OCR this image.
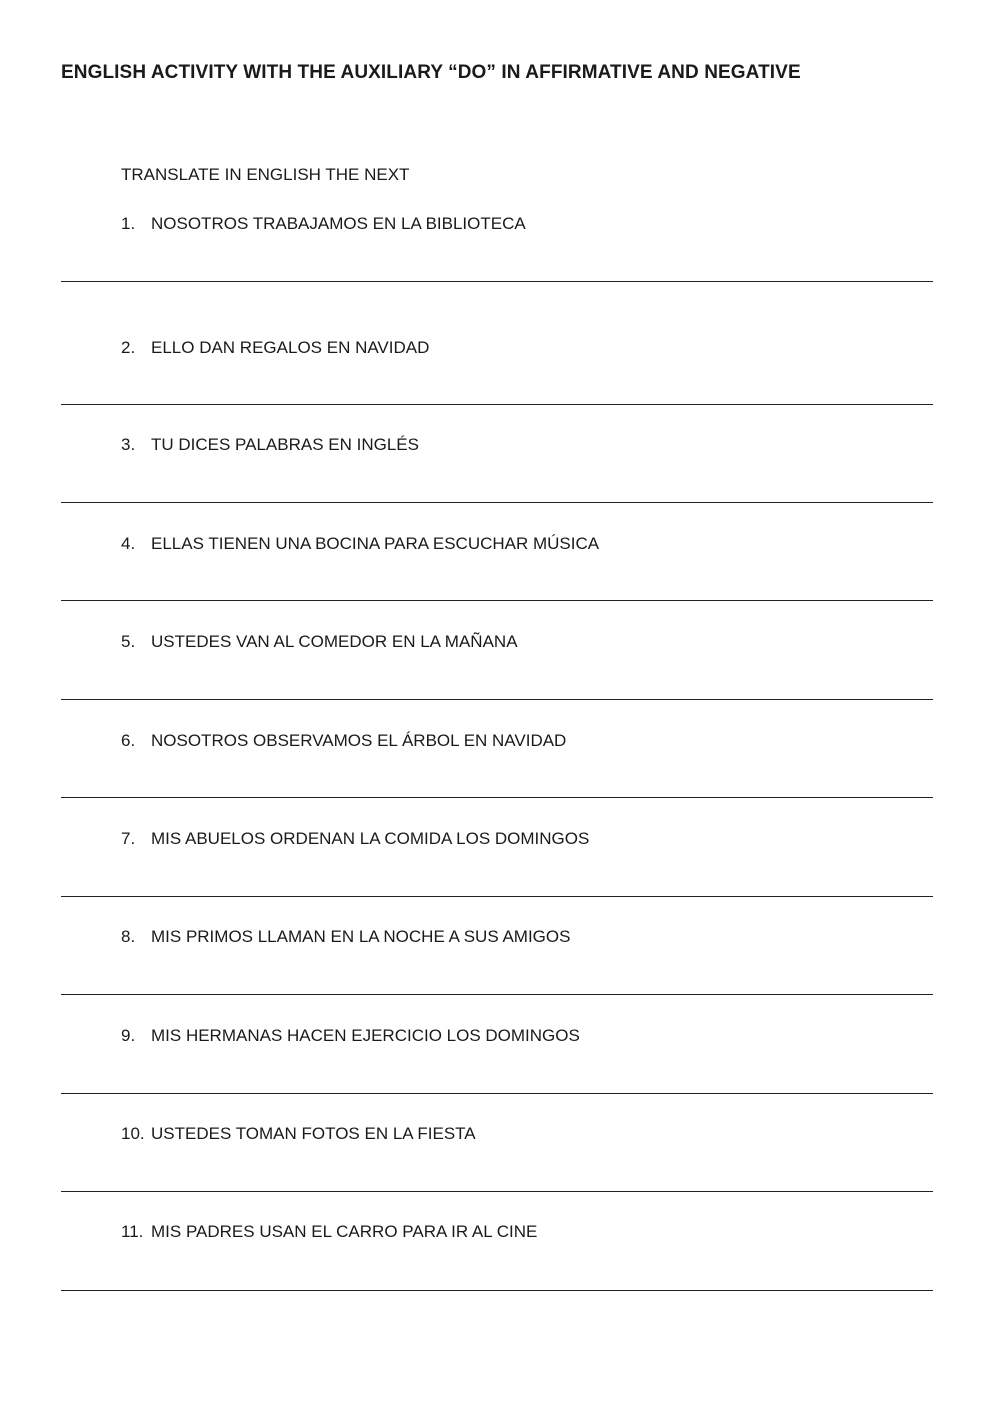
ENGLISH ACTIVITY WITH THE AUXILIARY “DO” IN AFFIRMATIVE AND NEGATIVE
TRANSLATE IN ENGLISH THE NEXT
1. NOSOTROS TRABAJAMOS EN LA BIBLIOTECA
2. ELLO DAN REGALOS EN NAVIDAD
3. TU DICES PALABRAS EN INGLÉS
4. ELLAS TIENEN UNA BOCINA PARA ESCUCHAR MÚSICA
5. USTEDES VAN AL COMEDOR EN LA MAÑANA
6. NOSOTROS OBSERVAMOS EL ÁRBOL EN NAVIDAD
7. MIS ABUELOS ORDENAN LA COMIDA LOS DOMINGOS
8. MIS PRIMOS LLAMAN EN LA NOCHE A SUS AMIGOS
9. MIS HERMANAS HACEN EJERCICIO LOS DOMINGOS
10. USTEDES TOMAN FOTOS EN LA FIESTA
11. MIS PADRES USAN EL CARRO PARA IR AL CINE
